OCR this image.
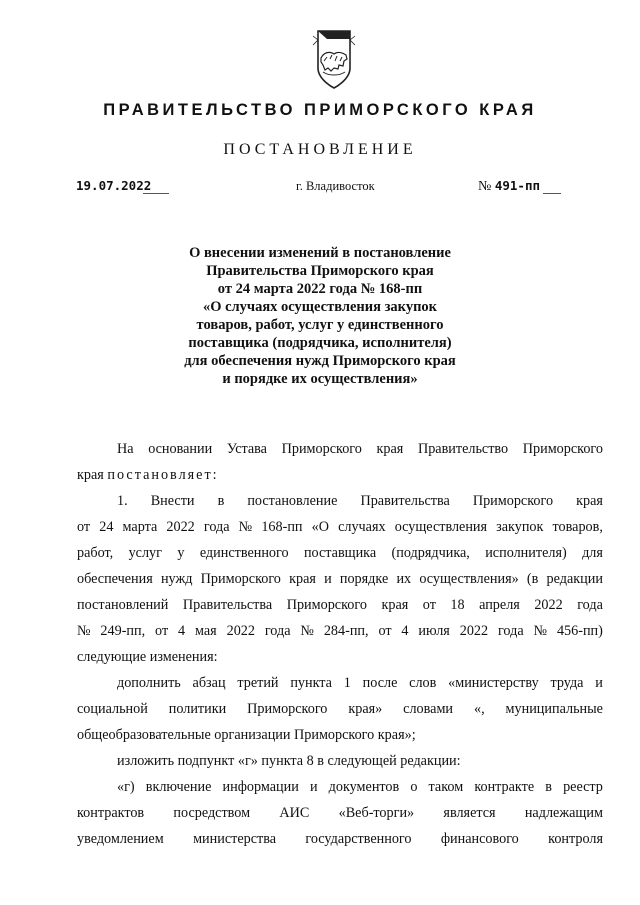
ПРАВИТЕЛЬСТВО ПРИМОРСКОГО КРАЯ
ПОСТАНОВЛЕНИЕ
19.07.2022	г. Владивосток	№ 491-пп
О внесении изменений в постановление
Правительства Приморского края
от 24 марта 2022 года № 168-пп
«О случаях осуществления закупок
товаров, работ, услуг у единственного
поставщика (подрядчика, исполнителя)
для обеспечения нужд Приморского края
и порядке их осуществления»
На основании Устава Приморского края Правительство Приморского
края постановляет:
1. Внести в постановление Правительства Приморского края
от 24 марта 2022 года № 168-пп «О случаях осуществления закупок товаров,
работ, услуг у единственного поставщика (подрядчика, исполнителя) для
обеспечения нужд Приморского края и порядке их осуществления» (в редакции
постановлений Правительства Приморского края от 18 апреля 2022 года
№ 249-пп, от 4 мая 2022 года № 284-пп, от 4 июля 2022 года № 456-пп)
следующие изменения:
дополнить абзац третий пункта 1 после слов «министерству труда и
социальной политики Приморского края» словами «, муниципальные
общеобразовательные организации Приморского края»;
изложить подпункт «г» пункта 8 в следующей редакции:
«г) включение информации и документов о таком контракте в реестр
контрактов посредством АИС «Веб-торги» является надлежащим
уведомлением министерства государственного финансового контроля
